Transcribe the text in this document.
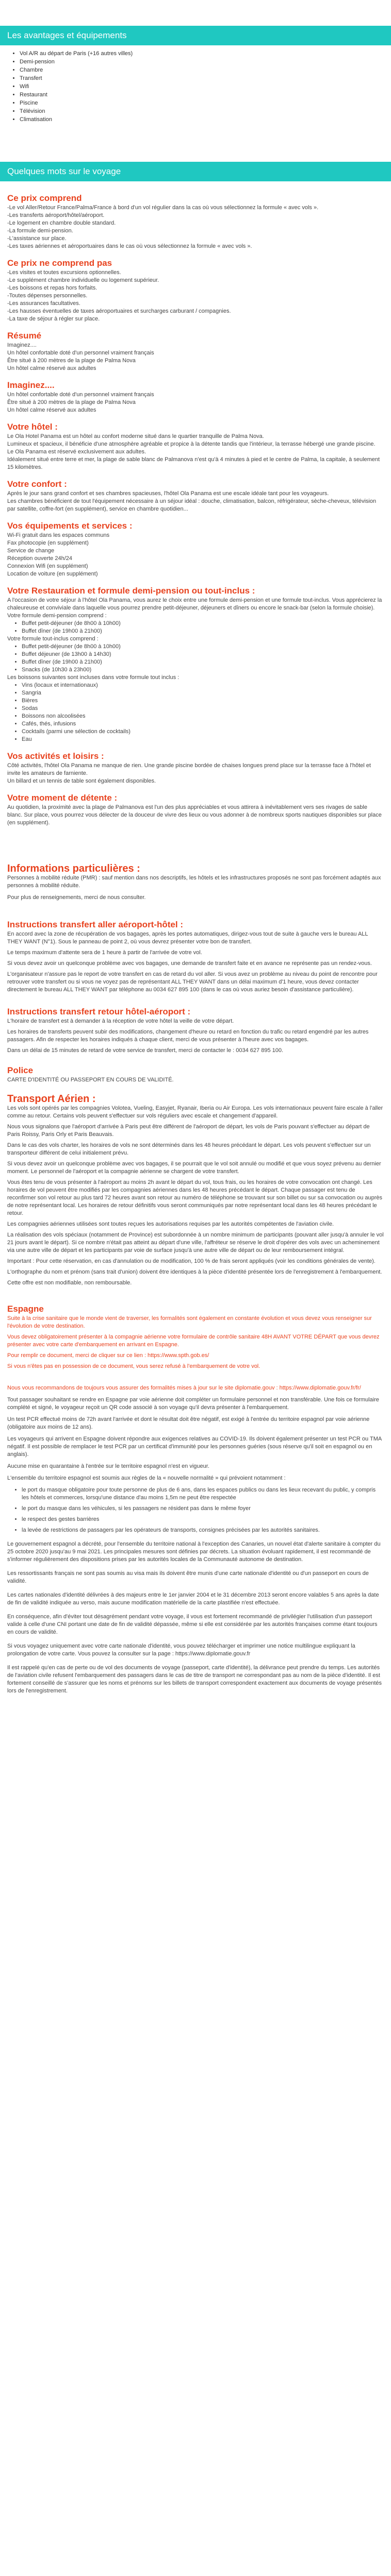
Les avantages et équipements
• Vol A/R au départ de Paris (+16 autres villes)
• Demi-pension
• Chambre
• Transfert
• Wifi
• Restaurant
• Piscine
• Télévision
• Climatisation
Quelques mots sur le voyage
Ce prix comprend

-Le vol Aller/Retour France/Palma/France à bord d'un vol régulier dans la cas où vous sélectionnez la formule « avec vols ».

-Les transferts aéroport/hôtel/aéroport.

-Le logement en chambre double standard.

-La formule demi-pension.

-L'assistance sur place.

-Les taxes aériennes et aéroportuaires dans le cas où vous sélectionnez la formule « avec vols ».

Ce prix ne comprend pas

-Les visites et toutes excursions optionnelles.

-Le supplément chambre individuelle ou logement supérieur.

-Les boissons et repas hors forfaits.

-Toutes dépenses personnelles.

-Les assurances facultatives.

-Les hausses éventuelles de taxes aéroportuaires et surcharges carburant / compagnies.

-La taxe de séjour à régler sur place.

Résumé

Imaginez....

Un hôtel confortable doté d'un personnel vraiment français

Être situé à 200 mètres de la plage de Palma Nova

Un hôtel calme réservé aux adultes

Imaginez....

Un hôtel confortable doté d'un personnel vraiment français

Être situé à 200 mètres de la plage de Palma Nova

Un hôtel calme réservé aux adultes

Votre hôtel :

Le Ola Hotel Panama est un hôtel au confort moderne situé dans le quartier tranquille de Palma Nova.

Lumineux et spacieux, il bénéficie d'une atmosphère agréable et propice à la détente tandis que l'intérieur, la terrasse hébergé une grande piscine.

Le Ola Panama est réservé exclusivement aux adultes.

Idéalement situé entre terre et mer, la plage de sable blanc de Palmanova n'est qu'à 4 minutes à pied et le centre de Palma, la capitale, à seulement 15 kilomètres.

Votre confort :

Après le jour sans grand confort et ses chambres spacieuses, l'hôtel Ola Panama est une escale idéale tant pour les voyageurs.

Les chambres bénéficient de tout l'équipement nécessaire à un séjour idéal : douche, climatisation, balcon, réfrigérateur, sèche-cheveux, télévision par satellite, coffre-fort (en supplément), service en chambre quotidien...

Vos équipements et services :

Wi-Fi gratuit dans les espaces communs

Fax photocopie (en supplément)

Service de change

Réception ouverte 24h/24

Connexion Wifi (en supplément)

Location de voiture (en supplément)

Votre Restauration et formule demi-pension ou tout-inclus :

A l'occasion de votre séjour à l'hôtel Ola Panama, vous aurez le choix entre une formule demi-pension et une formule tout-inclus. Vous apprécierez la chaleureuse et conviviale dans laquelle vous pourrez prendre petit-déjeuner, déjeuners et dîners ou encore le snack-bar (selon la formule choisie).

Votre formule demi-pension comprend :

• Buffet petit-déjeuner (de 8h00 à 10h00)
• Buffet dîner (de 19h00 à 21h00)

Votre formule tout-inclus comprend :

• Buffet petit-déjeuner (de 8h00 à 10h00)
• Buffet déjeuner (de 13h00 à 14h30)
• Buffet dîner (de 19h00 à 21h00)
• Snacks (de 10h30 à 23h00)

Les boissons suivantes sont incluses dans votre formule tout inclus :

• Vins (locaux et internationaux)
• Sangria
• Bières
• Sodas
• Boissons non alcoolisées
• Cafés, thés, infusions
• Cocktails (parmi une sélection de cocktails)
• Eau
Vos activités et loisirs :

Côté activités, l'hôtel Ola Panama ne manque de rien. Une grande piscine bordée de chaises longues prend place sur la terrasse face à l'hôtel et invite les amateurs de farniente.

Un billard et un tennis de table sont également disponibles.

Votre moment de détente :

Au quotidien, la proximité avec la plage de Palmanova est l'un des plus appréciables et vous attirera à inévitablement vers ses rivages de sable blanc. Sur place, vous pourrez vous délecter de la douceur de vivre des lieux ou vous adonner à de nombreux sports nautiques disponibles sur place (en supplément).

Informations particulières :

Personnes à mobilité réduite (PMR) : sauf mention dans nos descriptifs, les hôtels et les infrastructures proposés ne sont pas forcément adaptés aux personnes à mobilité réduite.

Pour plus de renseignements, merci de nous consulter.

Instructions transfert aller aéroport-hôtel :

En accord avec la zone de récupération de vos bagages, après les portes automatiques, dirigez-vous tout de suite à gauche vers le bureau ALL THEY WANT (N°1). Sous le panneau de point 2, où vous devrez présenter votre bon de transfert.

Le temps maximum d'attente sera de 1 heure à partir de l'arrivée de votre vol.

Si vous devez avoir un quelconque problème avec vos bagages, une demande de transfert faite et en avance ne représente pas un rendez-vous.

L'organisateur n'assure pas le report de votre transfert en cas de retard du vol aller. Si vous avez un problème au niveau du point de rencontre pour retrouver votre transfert ou si vous ne voyez pas de représentant ALL THEY WANT dans un délai maximum d'1 heure, vous devez contacter directement le bureau ALL THEY WANT par téléphone au 0034 627 895 100 (dans le cas où vous auriez besoin d'assistance particulière).

Instructions transfert retour hôtel-aéroport :

L'horaire de transfert est à demander à la réception de votre hôtel la veille de votre départ.

Les horaires de transferts peuvent subir des modifications, changement d'heure ou retard en fonction du trafic ou retard engendré par les autres passagers. Afin de respecter les horaires indiqués à chaque client, merci de vous présenter à l'heure avec vos bagages.

Dans un délai de 15 minutes de retard de votre service de transfert, merci de contacter le : 0034 627 895 100.

Police

CARTE D'IDENTITÉ OU PASSEPORT EN COURS DE VALIDITÉ.

Transport Aérien :

Les vols sont opérés par les compagnies Volotea, Vueling, Easyjet, Ryanair, Iberia ou Air Europa. Les vols internationaux peuvent faire escale à l'aller comme au retour. Certains vols peuvent s'effectuer sur vols réguliers avec escale et changement d'appareil.

Nous vous signalons que l'aéroport d'arrivée à Paris peut être différent de l'aéroport de départ, les vols de Paris pouvant s'effectuer au départ de Paris Roissy, Paris Orly et Paris Beauvais.

Dans le cas des vols charter, les horaires de vols ne sont déterminés dans les 48 heures précédant le départ. Les vols peuvent s'effectuer sur un transporteur différent de celui initialement prévu.

Si vous devez avoir un quelconque problème avec vos bagages, il se pourrait que le vol soit annulé ou modifié et que vous soyez prévenu au dernier moment. Le personnel de l'aéroport et la compagnie aérienne se chargent de votre transfert.

Vous êtes tenu de vous présenter à l'aéroport au moins 2h avant le départ du vol, tous frais, ou les horaires de votre convocation ont changé. Les horaires de vol peuvent être modifiés par les compagnies aériennes dans les 48 heures précédant le départ. Chaque passager est tenu de reconfirmer son vol retour au plus tard 72 heures avant son retour au numéro de téléphone se trouvant sur son billet ou sur sa convocation ou auprès de notre représentant local. Les horaires de retour définitifs vous seront communiqués par notre représentant local dans les 48 heures précédant le retour.

Les compagnies aériennes utilisées sont toutes reçues les autorisations requises par les autorités compétentes de l'aviation civile.

La réalisation des vols spéciaux (notamment de Province) est subordonnée à un nombre minimum de participants (pouvant aller jusqu'à annuler le vol 21 jours avant le départ). Si ce nombre n'était pas atteint au départ d'une ville, l'affréteur se réserve le droit d'opérer des vols avec un acheminement via une autre ville de départ et les participants par voie de surface jusqu'à une autre ville de départ ou de leur remboursement intégral.

Important : Pour cette réservation, en cas d'annulation ou de modification, 100 % de frais seront appliqués (voir les conditions générales de vente).

L'orthographe du nom et prénom (sans trait d'union) doivent être identiques à la pièce d'identité présentée lors de l'enregistrement à l'embarquement.

Cette offre est non modifiable, non remboursable.

Espagne

Suite à la crise sanitaire que le monde vient de traverser, les formalités sont également en constante évolution et vous devez vous renseigner sur l'évolution de votre destination.

Vous devez obligatoirement présenter à la compagnie aérienne votre formulaire de contrôle sanitaire 48H AVANT VOTRE DÉPART que vous devrez présenter avec votre carte d'embarquement en arrivant en Espagne.

Pour remplir ce document, merci de cliquer sur ce lien : https://www.spth.gob.es/

Si vous n'êtes pas en possession de ce document, vous serez refusé à l'embarquement de votre vol.

Nous vous recommandons de toujours vous assurer des formalités mises à jour sur le site diplomatie.gouv : https://www.diplomatie.gouv.fr/fr/

Tout passager souhaitant se rendre en Espagne par voie aérienne doit compléter un formulaire personnel et non transférable. Une fois ce formulaire complété et signé, le voyageur reçoit un QR code associé à son voyage qu'il devra présenter à l'embarquement.

Un test PCR effectué moins de 72h avant l'arrivée et dont le résultat doit être négatif, est exigé à l'entrée du territoire espagnol par voie aérienne (obligatoire aux moins de 12 ans).

Les voyageurs qui arrivent en Espagne doivent répondre aux exigences relatives au COVID-19. Ils doivent également présenter un test PCR ou TMA négatif. Il est possible de remplacer le test PCR par un certificat d'immunité pour les personnes guéries (sous réserve qu'il soit en espagnol ou en anglais).

Aucune mise en quarantaine à l'entrée sur le territoire espagnol n'est en vigueur.

L'ensemble du territoire espagnol est soumis aux règles de la « nouvelle normalité » qui prévoient notamment :

• le port du masque obligatoire pour toute personne de plus de 6 ans, dans les espaces publics ou dans les lieux recevant du public, y compris les hôtels et commerces, lorsqu'une distance d'au moins 1,5m ne peut être respectée
• le port du masque dans les véhicules, si les passagers ne résident pas dans le même foyer
• le respect des gestes barrières
• la levée de restrictions de passagers par les opérateurs de transports, consignes précisées par les autorités sanitaires.

Le gouvernement espagnol a décrété, pour l'ensemble du territoire national à l'exception des Canaries, un nouvel état d'alerte sanitaire à compter du 25 octobre 2020 jusqu'au 9 mai 2021. Les principales mesures sont définies par décrets. La situation évoluant rapidement, il est recommandé de s'informer régulièrement des dispositions prises par les autorités locales de la Communauté autonome de destination.

Les ressortissants français ne sont pas soumis au visa mais ils doivent être munis d'une carte nationale d'identité ou d'un passeport en cours de validité.

Les cartes nationales d'identité délivrées à des majeurs entre le 1er janvier 2004 et le 31 décembre 2013 seront encore valables 5 ans après la date de fin de validité indiquée au verso, mais aucune modification matérielle de la carte plastifiée n'est effectuée.

En conséquence, afin d'éviter tout désagrément pendant votre voyage, il vous est fortement recommandé de privilégier l'utilisation d'un passeport valide à celle d'une CNI portant une date de fin de validité dépassée, même si elle est considérée par les autorités françaises comme étant toujours en cours de validité.

Si vous voyagez uniquement avec votre carte nationale d'identité, vous pouvez télécharger et imprimer une notice multilingue expliquant la prolongation de votre carte. Vous pouvez la consulter sur la page : https://www.diplomatie.gouv.fr

Il est rappelé qu'en cas de perte ou de vol des documents de voyage (passeport, carte d'identité), la délivrance peut prendre du temps. Les autorités de l'aviation civile refusent l'embarquement des passagers dans le cas de titre de transport ne correspondant pas au nom de la pièce d'identité. Il est fortement conseillé de s'assurer que les noms et prénoms sur les billets de transport correspondent exactement aux documents de voyage présentés lors de l'enregistrement.
